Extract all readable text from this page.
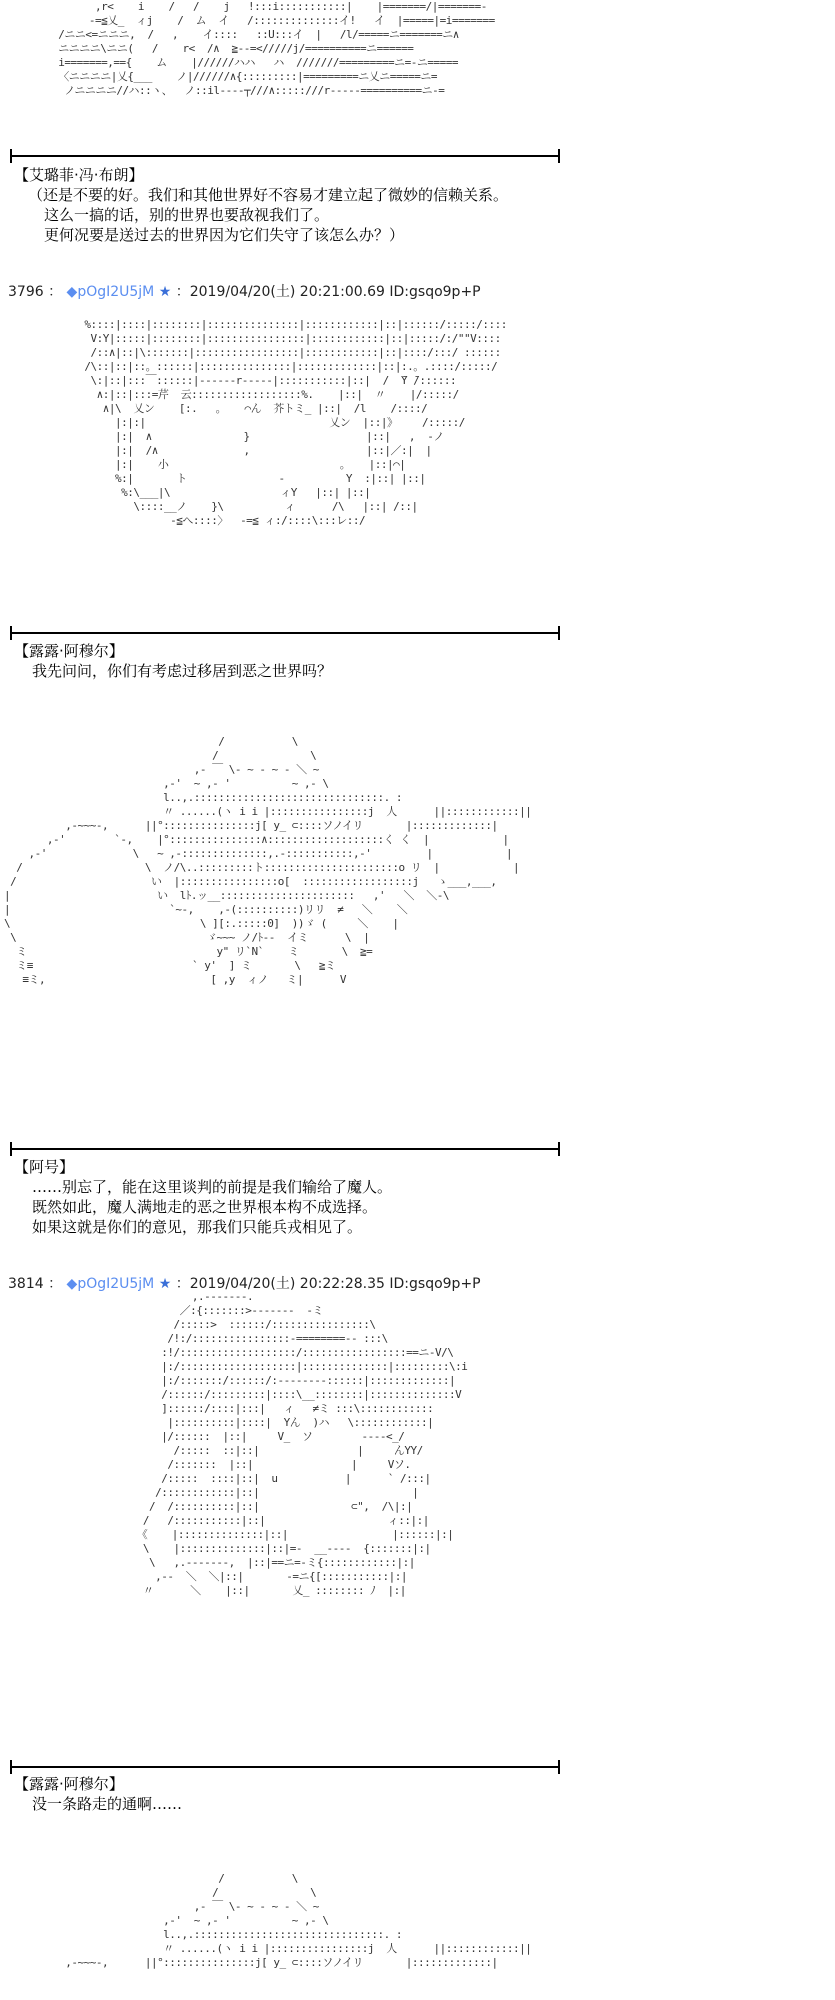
,r<    i    /   /    j   !:::i:::::::::::|    |=======/|=======-
-=≦乂_  ィj    /  ム  イ   /::::::::::::::イ!   イ  |=====|=i=======
/ニニ<=ニニニ,  /   ,    イ::::   ::U:::イ  |   /l/=====ニ=======ニ∧
ニニニニ\ニニ(   /    r<  /∧  ≧--=</////j/==========ニ======
i=======,=={    ム    |//////ハハ   ハ  ///////=========ニ=-ニ=====
〈ニニニニ|乂{___    ノ|//////∧{:::::::::|=========ニ乂ニ=====ニ=
ノニニニニ//ハ::ヽ、  ノ::il----┬///∧:::::///r-----==========ニ-=
【艾璐菲·冯·布朗】
（还是不要的好。我们和其他世界好不容易才建立起了微妙的信赖关系。
这么一搞的话，别的世界也要敌视我们了。
更何况要是送过去的世界因为它们失守了该怎么办？）
3796 ： ◆pOgI2U5jM ★ ：2019/04/20(土) 20:21:00.69 ID:gsqo9p+P
%::::|::::|::::::::|:::::::::::::::|::::::::::::|::|::::::/:::::/::::
V:Y|:::::|::::::::|::::::::::::::::|::::::::::::|::|:::::/:/""V::::
/::∧|::|\:::::::|:::::::::::::::::|::::::::::::|::|::::/:::/ ::::::
/\::|::|::。::::::|:::::::::::::::|:::::::::::::|::|:.。.::::/:::::/
\:|::|:::￣::::::|------r-----|:::::::::::|::|  /  ̄Y ̄/::::::
∧:|::|:::=芹  云::::::::::::::::::%.    |::|  〃    |/:::::/
∧|\  乂ン    [:.   。   ⌒ん  芥トミ_ |::|  /l    /::::/
|:|:|                              乂ン  |::|》    /:::::/
|:|  ∧               }                   |::|   ,  -ノ
|:|  /∧              ,                   |::|／:|  |
|:|    小                            。   |::|⌒|
%:|       ト               -          Y  :|::| |::|
%:\___|\                  ィY   |::| |::|
\::::__ノ    }\          ィ      /\   |::| /::|
-≦へ::::〉  -=≦ ィ:/::::\:::レ::/
【露露·阿穆尔】
我先问问，你们有考虑过移居到恶之世界吗？
/           \
/               \
,- ￣ \- ~ - ~ - ＼ ~
,-'  ~ ,- '          ~ ,- \
l..,.:::::::::::::::::::::::::::::::. :
〃 ......(ヽ i i |::::::::::::::::j  人      ||::::::::::::||
,-~~~-,      ||°:::::::::::::::j[ y_ ⊂::::ソノイリ       |:::::::::::::|
,-'        `-,    |°:::::::::::::::∧:::::::::::::::::::く く  |            |
,-'              \   ~ ,-::::::::::::::,.-:::::::::::,-'         |            |
/                    \  ノ/\..:::::::::ト::::::::::::::::::::::o リ  |            |
/                      い  |::::::::::::::::o[  ::::::::::::::::::j   ゝ___,___,
|                        い  lﾄ.ッ__::::::::::::::::::::::   ,'   ＼  ＼-\
|                          `~-,    ,-(::::::::::)リリ  ≠   ＼    ＼
\                               \ ][:.:::::0]  ))ゞ (     ＼    |
\                               ゞ~~~ ノ/ﾄ--  イミ      \  |
ミ                               y" リ`N`    ミ       \  ≧=
ミ≡                          ` y'  ] ミ       \   ≧ミ
≡ミ,                           [ ,y  ィノ   ミ|      V
【阿号】
……别忘了，能在这里谈判的前提是我们输给了魔人。
既然如此，魔人满地走的恶之世界根本构不成选择。
如果这就是你们的意见，那我们只能兵戎相见了。
3814 ： ◆pOgI2U5jM ★ ：2019/04/20(土) 20:22:28.35 ID:gsqo9p+P
,.-------.
／:{:::::::>-------  -ミ
/:::::>  ::::::/::::::::::::::::\
/!:/::::::::::::::::-========-- :::\
:!/:::::::::::::::::::/:::::::::::::::::==ニ-V/\
|:/:::::::::::::::::::|::::::::::::::|:::::::::\:i
|:/:::::::/::::::/:--------::::::|:::::::::::::|
/::::::/:::::::::|::::\__::::::::|::::::::::::::V
]::::::/::::|:::|   ィ   ≠ミ :::\::::::::::::
|::::::::::|::::|  Yん  )ハ   \::::::::::::|
|/::::::  |::|     V_  ソ        ----<_/
/:::::  ::|::|                |     んYY/
/:::::::  |::|                |     Vソ.
/:::::  ::::|::|  u           |      ` /:::|
/::::::::::::|::|                         |
/  /::::::::::|::|               ⊂",  /\|:|
/   /:::::::::::|::|                    ィ::|:|
《    |::::::::::::::|::|                 |::::::|:|
\    |::::::::::::::|::|=-  __----  {:::::::|:|
\   ,.-------,  |::|==ニ=-ミ{::::::::::::|:|
,--  ＼  ＼|::|       -=ニ{[:::::::::::|:|
〃      ＼    |::|       乂_ :::::::: ﾉ  |:|
【露露·阿穆尔】
没一条路走的通啊……
/           \
/               \
,- ￣ \- ~ - ~ - ＼ ~
,-'  ~ ,- '          ~ ,- \
l..,.:::::::::::::::::::::::::::::::. :
〃 ......(ヽ i i |::::::::::::::::j  人      ||::::::::::::||
,-~~~-,      ||°:::::::::::::::j[ y_ ⊂::::ソノイリ       |:::::::::::::|
